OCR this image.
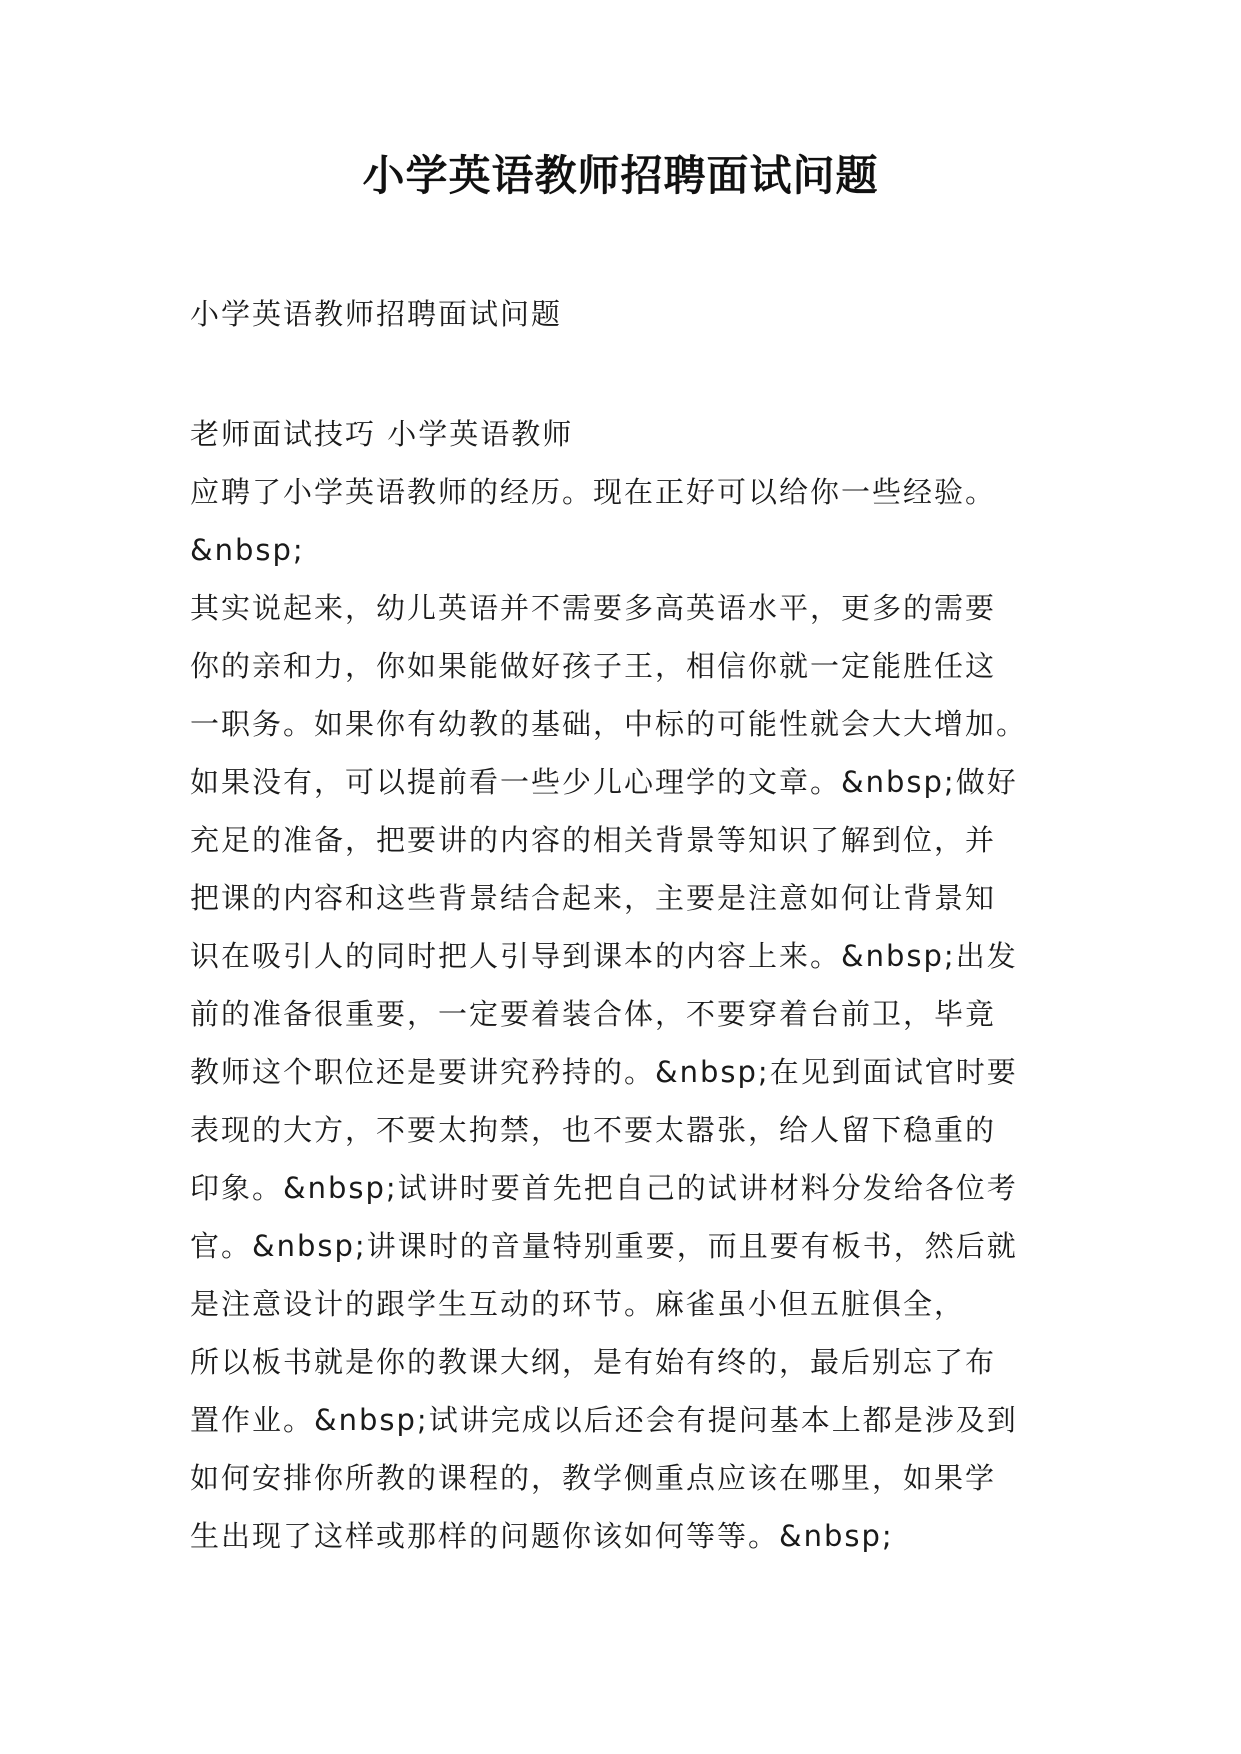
小学英语教师招聘面试问题

小学英语教师招聘面试问题

老师面试技巧 小学英语教师
应聘了小学英语教师的经历。现在正好可以给你一些经验。
&nbsp;
其实说起来，幼儿英语并不需要多高英语水平，更多的需要
你的亲和力，你如果能做好孩子王，相信你就一定能胜任这
一职务。如果你有幼教的基础，中标的可能性就会大大增加。
如果没有，可以提前看一些少儿心理学的文章。&nbsp;做好
充足的准备，把要讲的内容的相关背景等知识了解到位，并
把课的内容和这些背景结合起来，主要是注意如何让背景知
识在吸引人的同时把人引导到课本的内容上来。&nbsp;出发
前的准备很重要，一定要着装合体，不要穿着台前卫，毕竟
教师这个职位还是要讲究矜持的。&nbsp;在见到面试官时要
表现的大方，不要太拘禁，也不要太嚣张，给人留下稳重的
印象。&nbsp;试讲时要首先把自己的试讲材料分发给各位考
官。&nbsp;讲课时的音量特别重要，而且要有板书，然后就
是注意设计的跟学生互动的环节。麻雀虽小但五脏俱全，
所以板书就是你的教课大纲，是有始有终的，最后别忘了布
置作业。&nbsp;试讲完成以后还会有提问基本上都是涉及到
如何安排你所教的课程的，教学侧重点应该在哪里，如果学
生出现了这样或那样的问题你该如何等等。&nbsp;
